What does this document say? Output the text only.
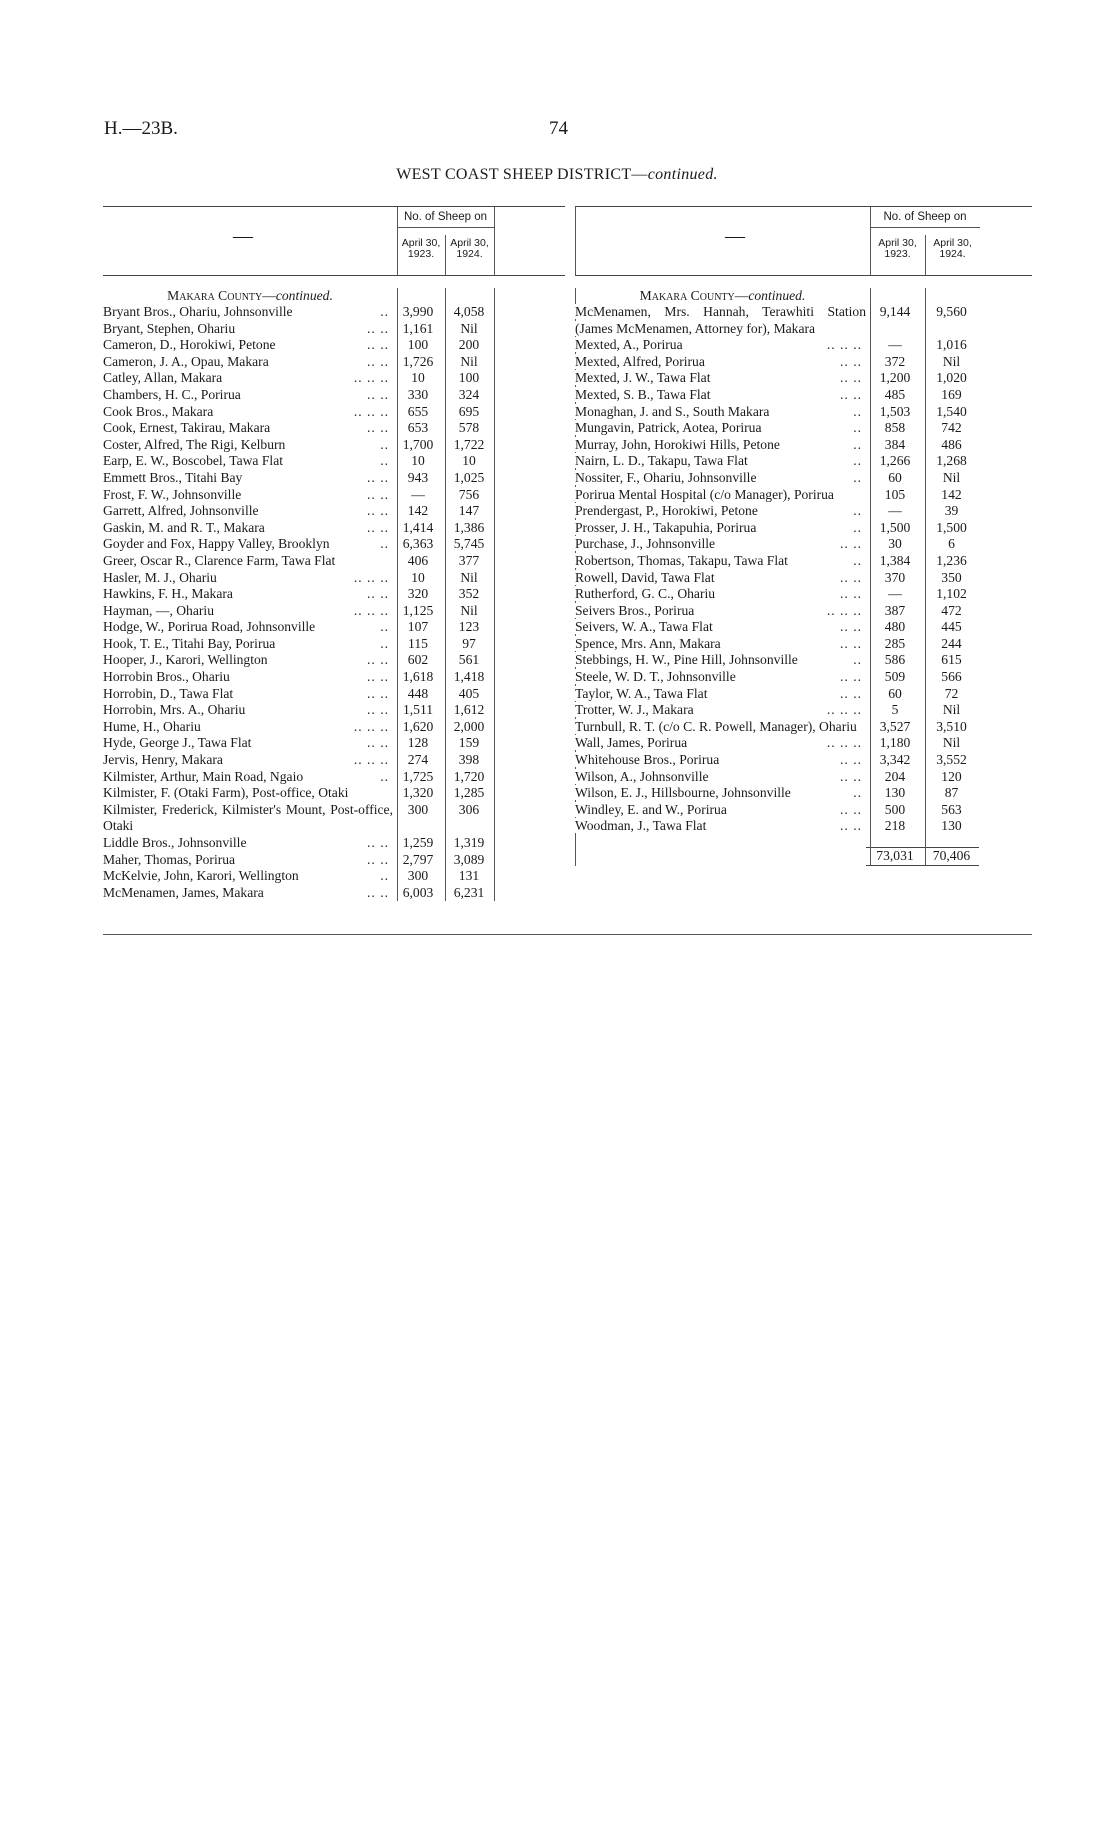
H.—23B.	74
WEST COAST SHEEP DISTRICT—continued.
—
No. of Sheep on
April 30, 1923.
April 30, 1924.
Makara County—continued.
Bryant Bros., Ohariu, Johnsonville	..	3,990	4,058
Bryant, Stephen, Ohariu	.. ..	1,161	Nil
Cameron, D., Horokiwi, Petone	.. ..	100	200
Cameron, J. A., Opau, Makara	.. ..	1,726	Nil
Catley, Allan, Makara	.. .. ..	10	100
Chambers, H. C., Porirua	.. ..	330	324
Cook Bros., Makara	.. .. ..	655	695
Cook, Ernest, Takirau, Makara	.. ..	653	578
Coster, Alfred, The Rigi, Kelburn	..	1,700	1,722
Earp, E. W., Boscobel, Tawa Flat	..	10	10
Emmett Bros., Titahi Bay	.. ..	943	1,025
Frost, F. W., Johnsonville	.. ..	—	756
Garrett, Alfred, Johnsonville	.. ..	142	147
Gaskin, M. and R. T., Makara	.. ..	1,414	1,386
Goyder and Fox, Happy Valley, Brooklyn	..	6,363	5,745
Greer, Oscar R., Clarence Farm, Tawa Flat	406	377
Hasler, M. J., Ohariu	.. .. ..	10	Nil
Hawkins, F. H., Makara	.. ..	320	352
Hayman, —, Ohariu	.. .. ..	1,125	Nil
Hodge, W., Porirua Road, Johnsonville	..	107	123
Hook, T. E., Titahi Bay, Porirua	..	115	97
Hooper, J., Karori, Wellington	.. ..	602	561
Horrobin Bros., Ohariu	.. ..	1,618	1,418
Horrobin, D., Tawa Flat	.. ..	448	405
Horrobin, Mrs. A., Ohariu	.. ..	1,511	1,612
Hume, H., Ohariu	.. .. ..	1,620	2,000
Hyde, George J., Tawa Flat	.. ..	128	159
Jervis, Henry, Makara	.. .. ..	274	398
Kilmister, Arthur, Main Road, Ngaio	..	1,725	1,720
Kilmister, F. (Otaki Farm), Post-office, Otaki	1,320	1,285
Kilmister, Frederick, Kilmister's Mount, Post-office, Otaki
300	306
Liddle Bros., Johnsonville	.. ..	1,259	1,319
Maher, Thomas, Porirua	.. ..	2,797	3,089
McKelvie, John, Karori, Wellington	..	300	131
McMenamen, James, Makara	.. ..	6,003	6,231
—
No. of Sheep on
April 30, 1923.
April 30, 1924.
Makara County—continued.
McMenamen, Mrs. Hannah, Terawhiti Station (James McMenamen, Attorney for), Makara
9,144	9,560
Mexted, A., Porirua	.. .. ..	—	1,016
Mexted, Alfred, Porirua	.. ..	372	Nil
Mexted, J. W., Tawa Flat	.. ..	1,200	1,020
Mexted, S. B., Tawa Flat	.. ..	485	169
Monaghan, J. and S., South Makara	..	1,503	1,540
Mungavin, Patrick, Aotea, Porirua	..	858	742
Murray, John, Horokiwi Hills, Petone	..	384	486
Nairn, L. D., Takapu, Tawa Flat	..	1,266	1,268
Nossiter, F., Ohariu, Johnsonville	..	60	Nil
Porirua Mental Hospital (c/o Manager), Porirua	105	142
Prendergast, P., Horokiwi, Petone	..	—	39
Prosser, J. H., Takapuhia, Porirua	..	1,500	1,500
Purchase, J., Johnsonville	.. ..	30	6
Robertson, Thomas, Takapu, Tawa Flat	..	1,384	1,236
Rowell, David, Tawa Flat	.. ..	370	350
Rutherford, G. C., Ohariu	.. ..	—	1,102
Seivers Bros., Porirua	.. .. ..	387	472
Seivers, W. A., Tawa Flat	.. ..	480	445
Spence, Mrs. Ann, Makara	.. ..	285	244
Stebbings, H. W., Pine Hill, Johnsonville	..	586	615
Steele, W. D. T., Johnsonville	.. ..	509	566
Taylor, W. A., Tawa Flat	.. ..	60	72
Trotter, W. J., Makara	.. .. ..	5	Nil
Turnbull, R. T. (c/o C. R. Powell, Manager), Ohariu	3,527	3,510
Wall, James, Porirua	.. .. ..	1,180	Nil
Whitehouse Bros., Porirua	.. ..	3,342	3,552
Wilson, A., Johnsonville	.. ..	204	120
Wilson, E. J., Hillsbourne, Johnsonville	..	130	87
Windley, E. and W., Porirua	.. ..	500	563
Woodman, J., Tawa Flat	.. ..	218	130
73,031	70,406
